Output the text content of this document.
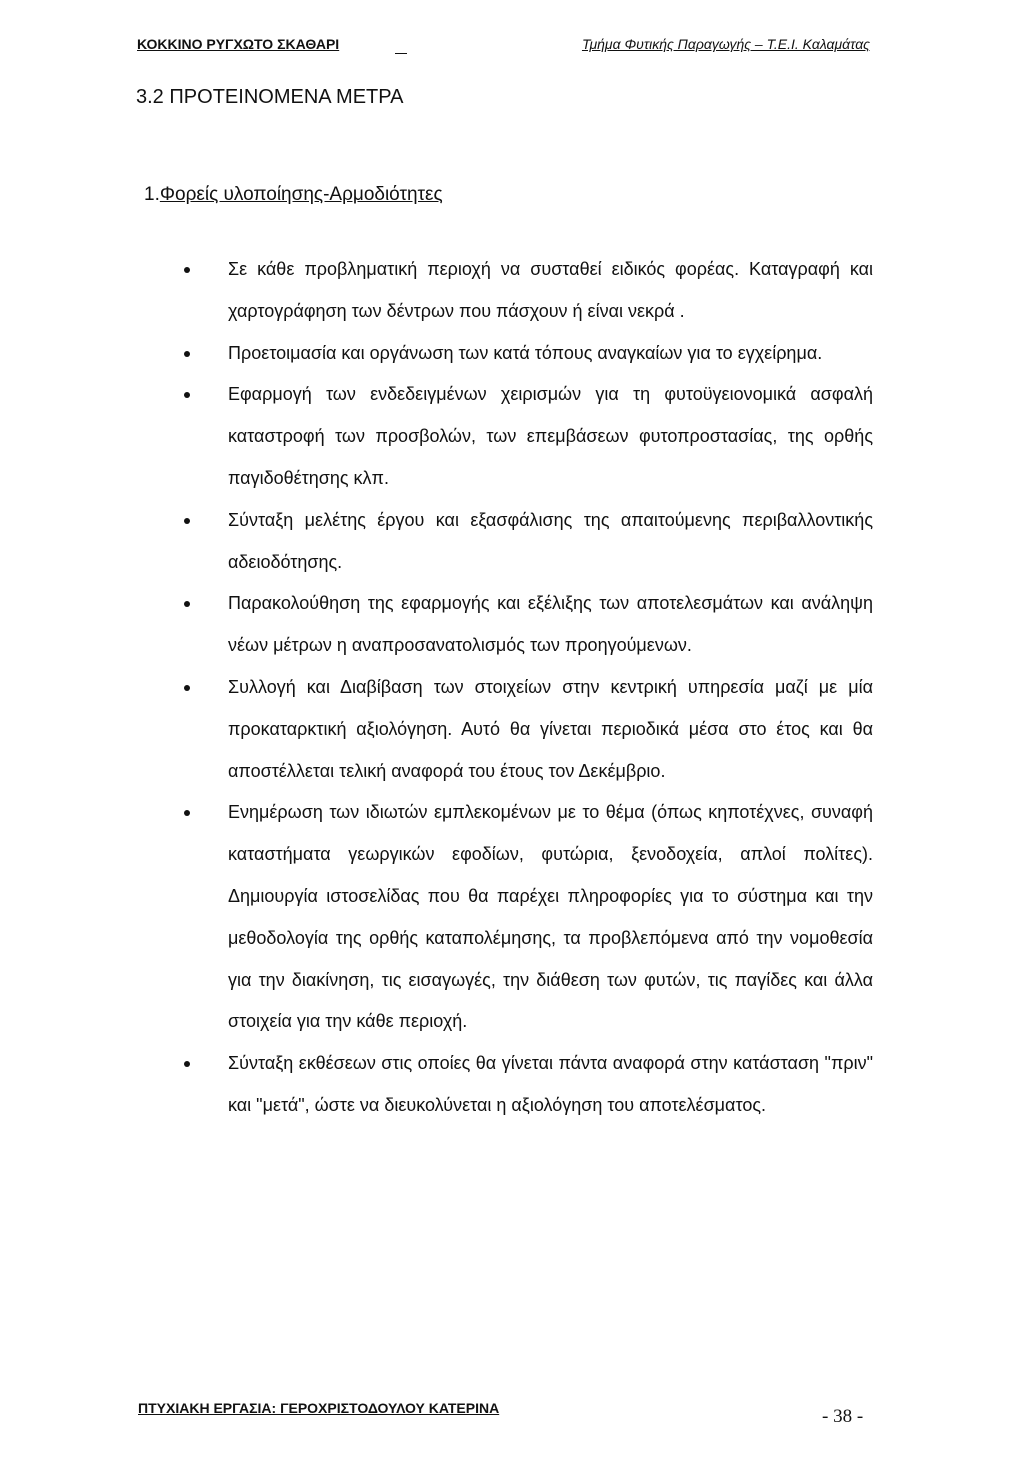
ΚΟΚΚΙΝΟ ΡΥΓΧΩΤΟ ΣΚΑΘΑΡΙ	Τμήμα Φυτικής Παραγωγής – Τ.Ε.Ι. Καλαμάτας
3.2 ΠΡΟΤΕΙΝΟΜΕΝΑ ΜΕΤΡΑ
1.Φορείς υλοποίησης-Αρμοδιότητες
Σε κάθε προβληματική περιοχή να συσταθεί ειδικός φορέας. Καταγραφή και χαρτογράφηση των δέντρων που πάσχουν ή είναι νεκρά .
Προετοιμασία και οργάνωση των κατά τόπους αναγκαίων για το εγχείρημα.
Εφαρμογή των ενδεδειγμένων χειρισμών για τη φυτοϋγειονομικά ασφαλή καταστροφή των προσβολών, των επεμβάσεων φυτοπροστασίας, της ορθής παγιδοθέτησης κλπ.
Σύνταξη μελέτης έργου και εξασφάλισης της απαιτούμενης περιβαλλοντικής αδειοδότησης.
Παρακολούθηση της εφαρμογής και εξέλιξης των αποτελεσμάτων και ανάληψη νέων μέτρων η αναπροσανατολισμός των προηγούμενων.
Συλλογή και Διαβίβαση των στοιχείων στην κεντρική υπηρεσία μαζί με μία προκαταρκτική αξιολόγηση. Αυτό θα γίνεται περιοδικά μέσα στο έτος και θα αποστέλλεται τελική αναφορά του έτους τον Δεκέμβριο.
Ενημέρωση των ιδιωτών εμπλεκομένων με το θέμα (όπως κηποτέχνες, συναφή καταστήματα γεωργικών εφοδίων, φυτώρια, ξενοδοχεία, απλοί πολίτες). Δημιουργία ιστοσελίδας που θα παρέχει πληροφορίες για το σύστημα και την μεθοδολογία της ορθής καταπολέμησης, τα προβλεπόμενα από την νομοθεσία για την διακίνηση, τις εισαγωγές, την διάθεση των φυτών, τις παγίδες και άλλα στοιχεία για την κάθε περιοχή.
Σύνταξη εκθέσεων στις οποίες θα γίνεται πάντα αναφορά στην κατάσταση "πριν" και "μετά", ώστε να διευκολύνεται η αξιολόγηση του αποτελέσματος.
ΠΤΥΧΙΑΚΗ ΕΡΓΑΣΙΑ: ΓΕΡΟΧΡΙΣΤΟΔΟΥΛΟΥ ΚΑΤΕΡΙΝΑ	- 38 -
